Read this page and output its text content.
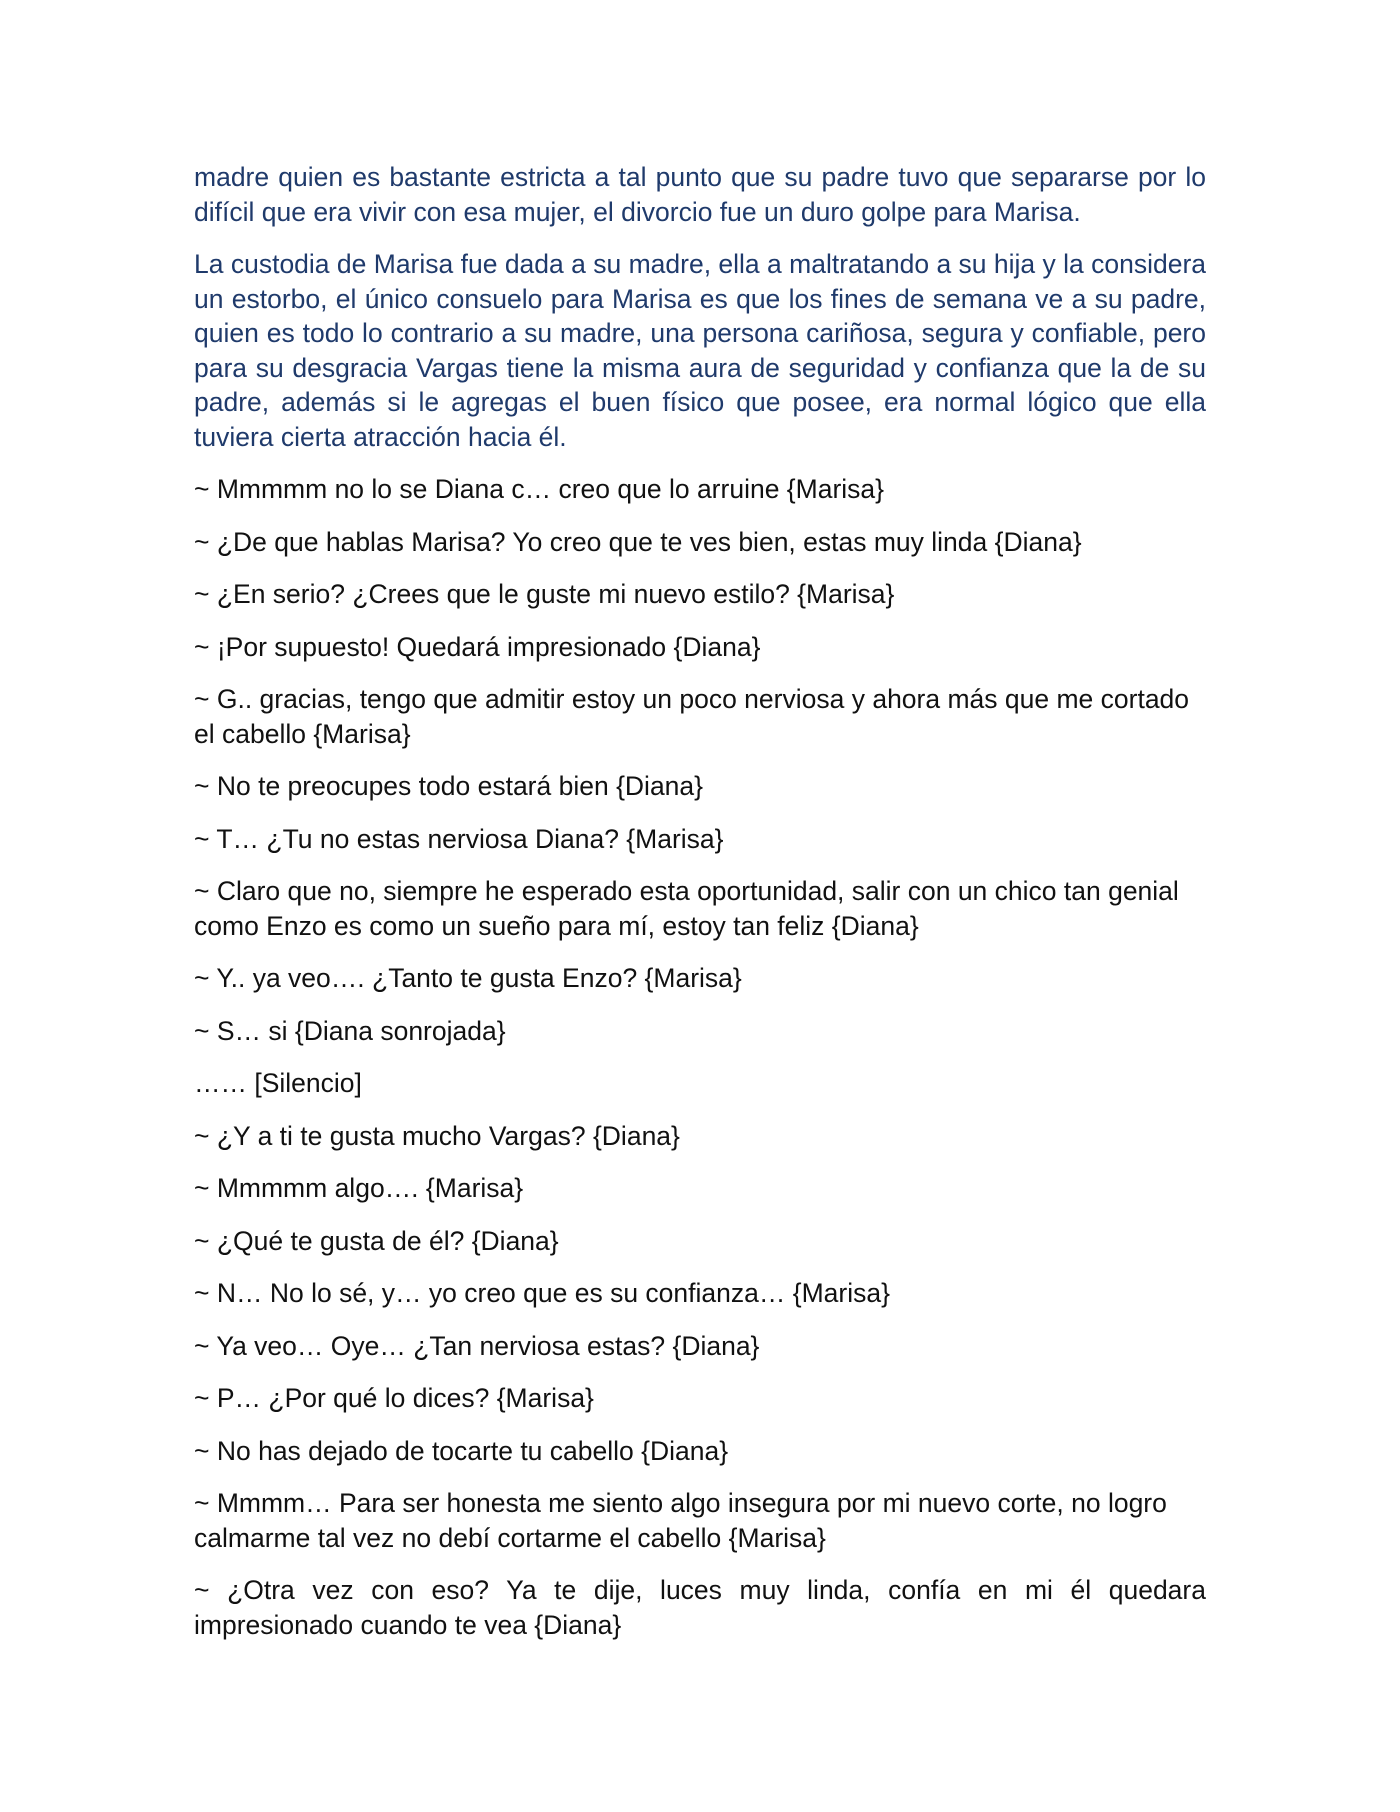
madre quien es bastante estricta a tal punto que su padre tuvo que separarse por lo difícil que era vivir con esa mujer, el divorcio fue un duro golpe para Marisa.

La custodia de Marisa fue dada a su madre, ella a maltratando a su hija y la considera un estorbo, el único consuelo para Marisa es que los fines de semana ve a su padre, quien es todo lo contrario a su madre, una persona cariñosa, segura y confiable, pero para su desgracia Vargas tiene la misma aura de seguridad y confianza que la de su padre, además si le agregas el buen físico que posee, era normal lógico que ella tuviera cierta atracción hacia él.

~ Mmmmm no lo se Diana c… creo que lo arruine {Marisa}

~ ¿De que hablas Marisa? Yo creo que te ves bien, estas muy linda {Diana}

~ ¿En serio? ¿Crees que le guste mi nuevo estilo? {Marisa}

~ ¡Por supuesto! Quedará impresionado {Diana}

~ G.. gracias, tengo que admitir estoy un poco nerviosa y ahora más que me cortado el cabello {Marisa}

~ No te preocupes todo estará bien {Diana}

~ T… ¿Tu no estas nerviosa Diana? {Marisa}

~ Claro que no, siempre he esperado esta oportunidad, salir con un chico tan genial como Enzo es como un sueño para mí, estoy tan feliz {Diana}

~ Y.. ya veo…. ¿Tanto te gusta Enzo? {Marisa}

~ S… si {Diana sonrojada}

…… [Silencio]

~ ¿Y a ti te gusta mucho Vargas? {Diana}

~ Mmmmm algo…. {Marisa}

~ ¿Qué te gusta de él? {Diana}

~ N… No lo sé, y… yo creo que es su confianza… {Marisa}

~ Ya veo… Oye… ¿Tan nerviosa estas? {Diana}

~ P… ¿Por qué lo dices? {Marisa}

~ No has dejado de tocarte tu cabello {Diana}

~ Mmmm… Para ser honesta me siento algo insegura por mi nuevo corte, no logro calmarme tal vez no debí cortarme el cabello {Marisa}

~ ¿Otra vez con eso? Ya te dije, luces muy linda, confía en mi él quedara impresionado cuando te vea {Diana}
